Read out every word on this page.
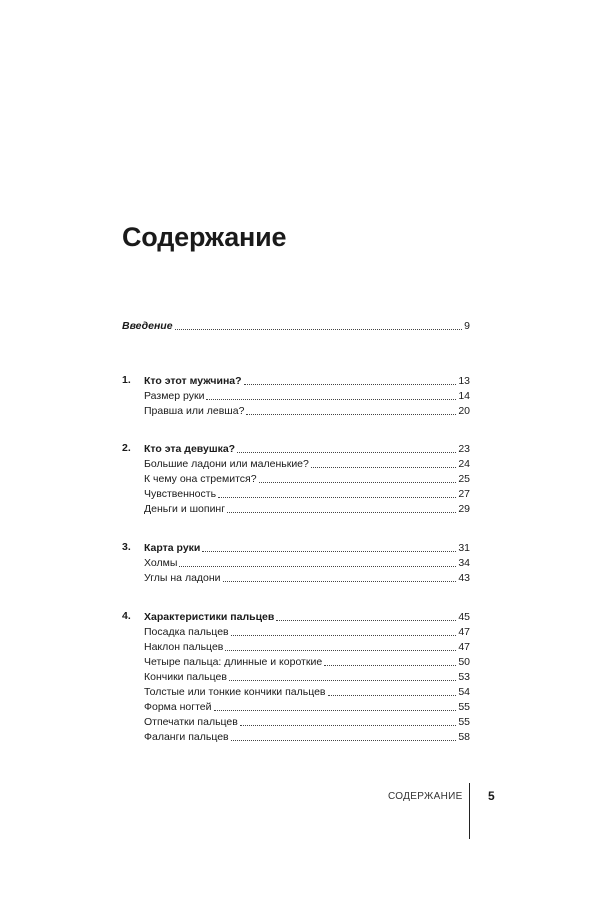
Содержание
Введение	9
1. Кто этот мужчина?	13
Размер руки	14
Правша или левша?	20
2. Кто эта девушка?	23
Большие ладони или маленькие?	24
К чему она стремится?	25
Чувственность	27
Деньги и шопинг	29
3. Карта руки	31
Холмы	34
Углы на ладони	43
4. Характеристики пальцев	45
Посадка пальцев	47
Наклон пальцев	47
Четыре пальца: длинные и короткие	50
Кончики пальцев	53
Толстые или тонкие кончики пальцев	54
Форма ногтей	55
Отпечатки пальцев	55
Фаланги пальцев	58
СОДЕРЖАНИЕ 5
